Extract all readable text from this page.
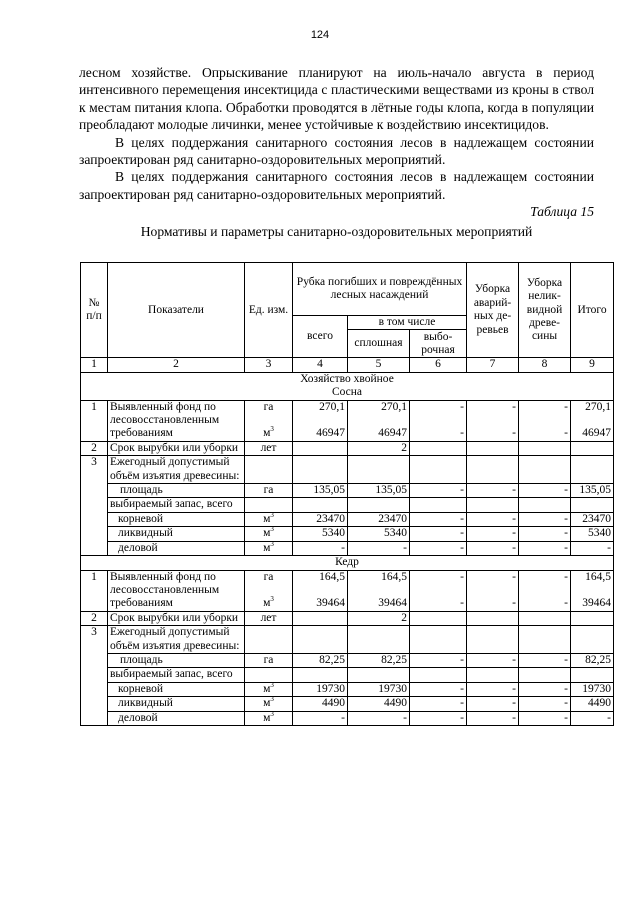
124

лесном хозяйстве. Опрыскивание планируют на июль-начало августа в период интенсивного перемещения инсектицида с пластическими веществами из кроны в ствол к местам питания клопа. Обработки проводятся в лётные годы клопа, когда в популяции преобладают молодые личинки, менее устойчивые к воздействию инсектицидов.

В целях поддержания санитарного состояния лесов в надлежащем состоянии запроектирован ряд санитарно-оздоровительных мероприятий.

В целях поддержания санитарного состояния лесов в надлежащем состоянии запроектирован ряд санитарно-оздоровительных мероприятий.

Таблица 15
Нормативы и параметры санитарно-оздоровительных мероприятий
№ п/п	Показатели	Ед. изм.	Рубка погибших и повреждённых лесных насаждений			Уборка аварий-ных де-ревьев	Уборка нелик-видной древе-сины	Итого
			всего	в том числе				
				сплошная	выбо-рочная			
1	2	3	4	5	6	7	8	9

Хозяйство хвойное
Сосна								

1	Выявленный фонд по лесовосстановленным требованиям	га	270,1	270,1	-	-	-	270,1
		$м^3$	46947	46947	-	-	-	46947
2	Срок вырубки или уборки	лет		2				
3	Ежегодный допустимый объём изъятия древесины:							
	площадь	га	135,05	135,05	-	-	-	135,05
	выбираемый запас, всего							
	корневой	$м^3$	23470	23470	-	-	-	23470
	ликвидный	$м^3$	5340	5340	-	-	-	5340
	деловой	$м^3$	-	-	-	-	-	-
Кедр								
1	Выявленный фонд по лесовосстановленным требованиям	га	164,5	164,5	-	-	-	164,5
		$м^3$	39464	39464	-	-	-	39464
2	Срок вырубки или уборки	лет		2				
3	Ежегодный допустимый объём изъятия древесины:							
	площадь	га	82,25	82,25	-	-	-	82,25
	выбираемый запас, всего							
	корневой	$м^3$	19730	19730	-	-	-	19730
	ликвидный	$м^3$	4490	4490	-	-	-	4490
	деловой	$м^3$	-	-	-	-	-	-
